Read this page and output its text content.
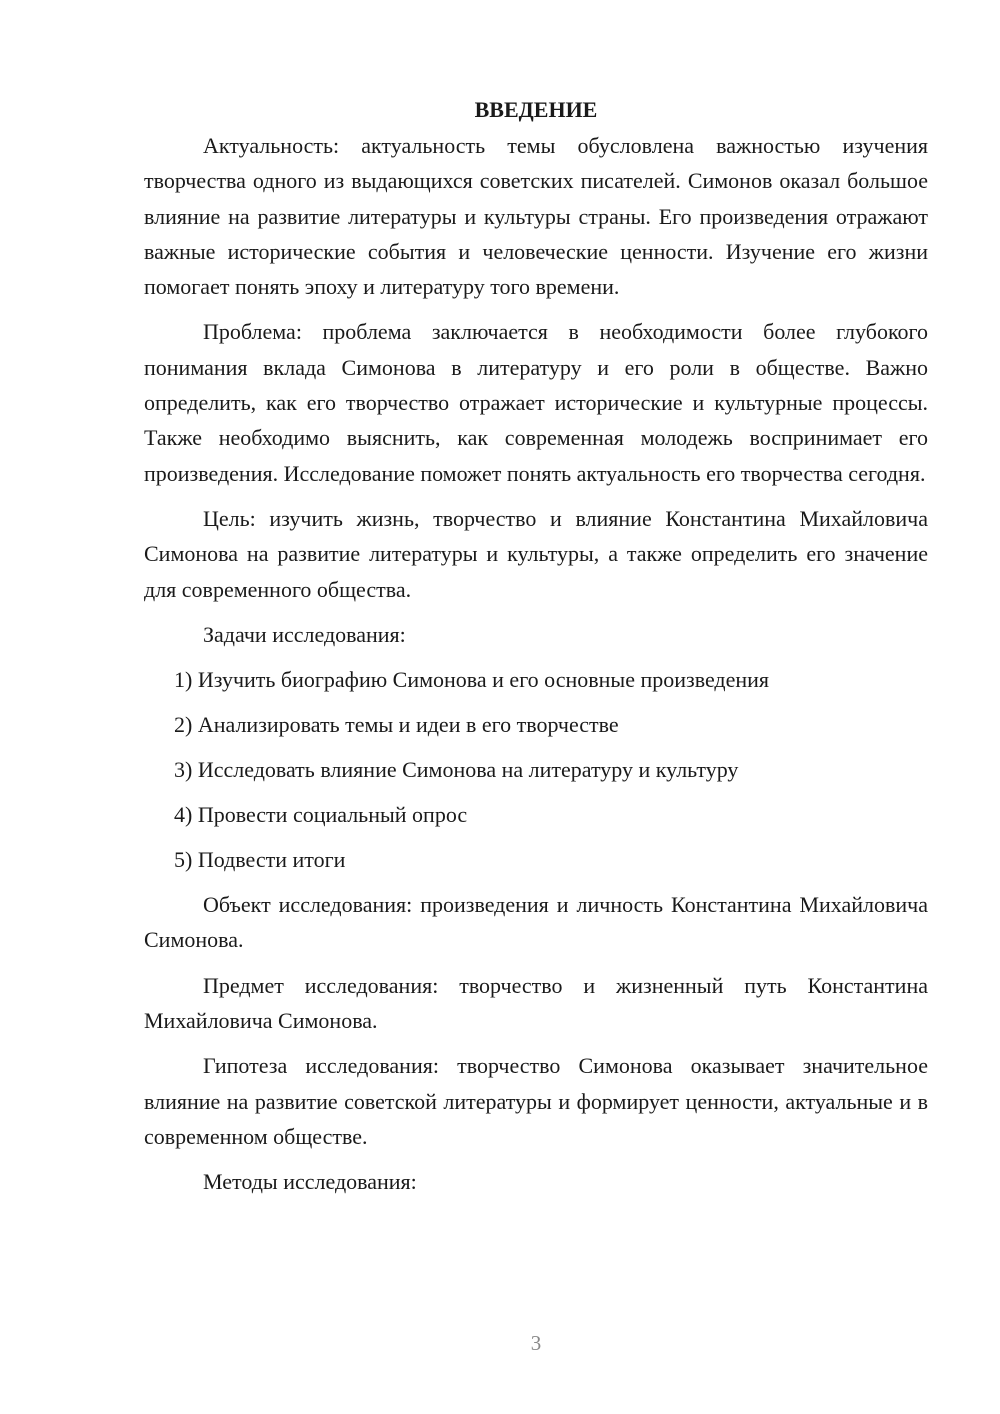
ВВЕДЕНИЕ

Актуальность: актуальность темы обусловлена важностью изучения творчества одного из выдающихся советских писателей. Симонов оказал большое влияние на развитие литературы и культуры страны. Его произведения отражают важные исторические события и человеческие ценности. Изучение его жизни помогает понять эпоху и литературу того времени.

Проблема: проблема заключается в необходимости более глубокого понимания вклада Симонова в литературу и его роли в обществе. Важно определить, как его творчество отражает исторические и культурные процессы. Также необходимо выяснить, как современная молодежь воспринимает его произведения. Исследование поможет понять актуальность его творчества сегодня.

Цель: изучить жизнь, творчество и влияние Константина Михайловича Симонова на развитие литературы и культуры, а также определить его значение для современного общества.

Задачи исследования:

1) Изучить биографию Симонова и его основные произведения
2) Анализировать темы и идеи в его творчестве
3) Исследовать влияние Симонова на литературу и культуру
4) Провести социальный опрос
5) Подвести итоги

Объект исследования: произведения и личность Константина Михайловича Симонова.

Предмет исследования: творчество и жизненный путь Константина Михайловича Симонова.

Гипотеза исследования: творчество Симонова оказывает значительное влияние на развитие советской литературы и формирует ценности, актуальные и в современном обществе.

Методы исследования:

3
